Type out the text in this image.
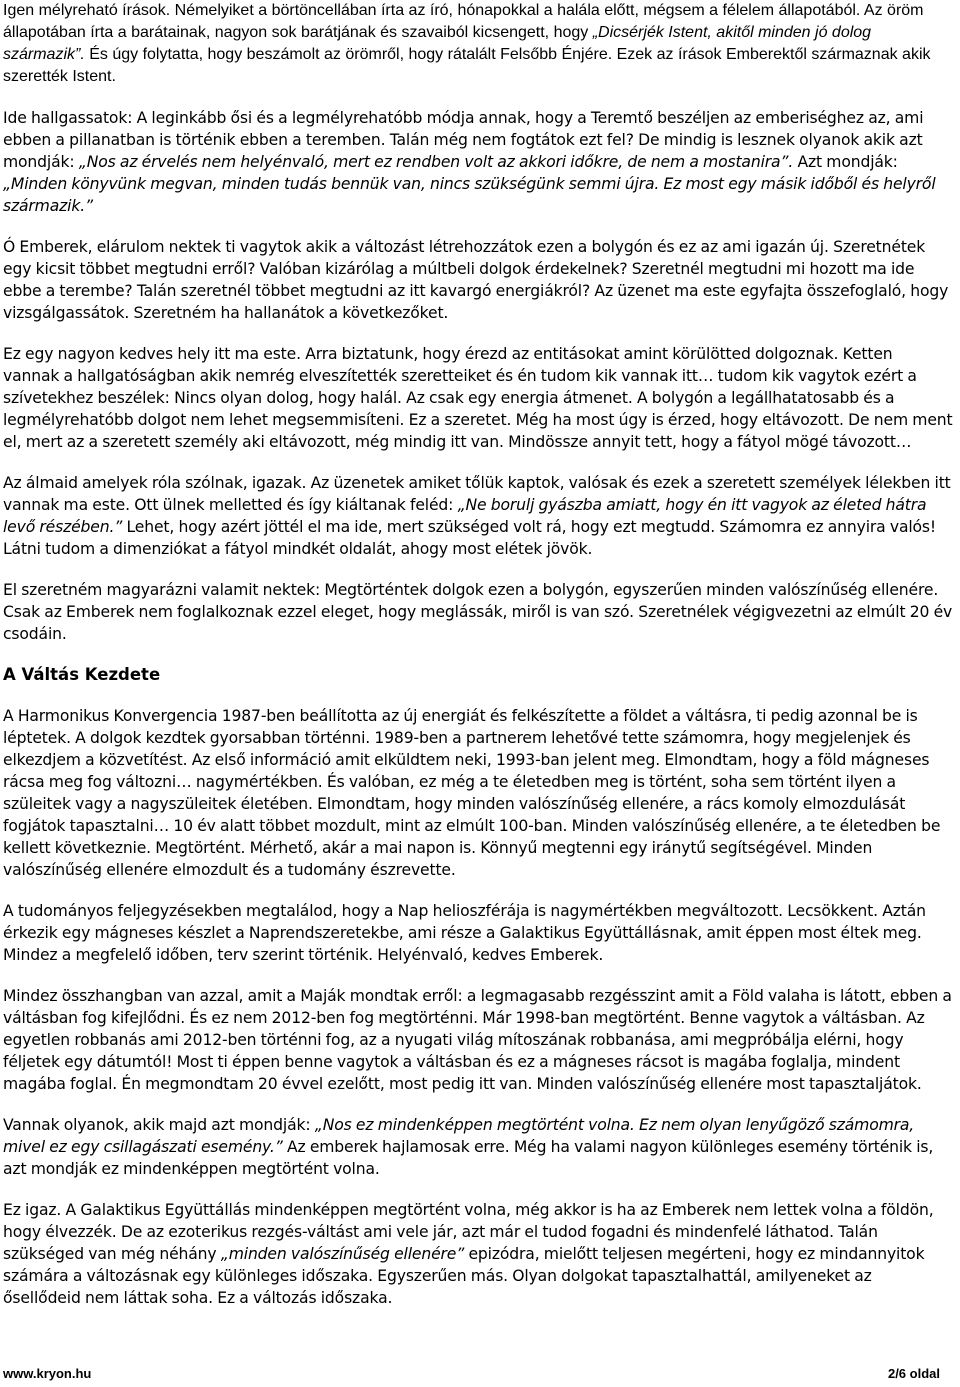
Igen mélyreható írások. Némelyiket a börtöncellában írta az író, hónapokkal a halála előtt, mégsem a félelem állapotából. Az öröm állapotában írta a barátainak, nagyon sok barátjának és szavaiból kicsengett, hogy „Dicsérjék Istent, akitől minden jó dolog származik”. És úgy folytatta, hogy beszámolt az örömről, hogy rátalált Felsőbb Énjére. Ezek az írások Emberektől származnak akik szerették Istent.

Ide hallgassatok: A leginkább ősi és a legmélyrehatóbb módja annak, hogy a Teremtő beszéljen az emberiséghez az, ami ebben a pillanatban is történik ebben a teremben. Talán még nem fogtátok ezt fel? De mindig is lesznek olyanok akik azt mondják: „Nos az érvelés nem helyénvaló, mert ez rendben volt az akkori időkre, de nem a mostanira”. Azt mondják: „Minden könyvünk megvan, minden tudás bennük van, nincs szükségünk semmi újra. Ez most egy másik időből és helyről származik.”

Ó Emberek, elárulom nektek ti vagytok akik a változást létrehozzátok ezen a bolygón és ez az ami igazán új. Szeretnétek egy kicsit többet megtudni erről? Valóban kizárólag a múltbeli dolgok érdekelnek? Szeretnél megtudni mi hozott ma ide ebbe a terembe? Talán szeretnél többet megtudni az itt kavargó energiákról? Az üzenet ma este egyfajta összefoglaló, hogy vizsgálgassátok. Szeretném ha hallanátok a következőket.

Ez egy nagyon kedves hely itt ma este. Arra biztatunk, hogy érezd az entitásokat amint körülötted dolgoznak. Ketten vannak a hallgatóságban akik nemrég elveszítették szeretteiket és én tudom kik vannak itt… tudom kik vagytok ezért a szívetekhez beszélek: Nincs olyan dolog, hogy halál. Az csak egy energia átmenet. A bolygón a legállhatatosabb és a legmélyrehatóbb dolgot nem lehet megsemmisíteni. Ez a szeretet. Még ha most úgy is érzed, hogy eltávozott. De nem ment el, mert az a szeretett személy aki eltávozott, még mindig itt van. Mindössze annyit tett, hogy a fátyol mögé távozott…

Az álmaid amelyek róla szólnak, igazak. Az üzenetek amiket tőlük kaptok, valósak és ezek a szeretett személyek lélekben itt vannak ma este. Ott ülnek melletted és így kiáltanak feléd: „Ne borulj gyászba amiatt, hogy én itt vagyok az életed hátra levő részében.” Lehet, hogy azért jöttél el ma ide, mert szükséged volt rá, hogy ezt megtudd. Számomra ez annyira valós! Látni tudom a dimenziókat a fátyol mindkét oldalát, ahogy most elétek jövök.

El szeretném magyarázni valamit nektek: Megtörténtek dolgok ezen a bolygón, egyszerűen minden valószínűség ellenére. Csak az Emberek nem foglalkoznak ezzel eleget, hogy meglássák, miről is van szó. Szeretnélek végigvezetni az elmúlt 20 év csodáin.

A Váltás Kezdete

A Harmonikus Konvergencia 1987-ben beállította az új energiát és felkészítette a földet a váltásra, ti pedig azonnal be is léptetek. A dolgok kezdtek gyorsabban történni. 1989-ben a partnerem lehetővé tette számomra, hogy megjelenjek és elkezdjem a közvetítést. Az első információ amit elküldtem neki, 1993-ban jelent meg. Elmondtam, hogy a föld mágneses rácsa meg fog változni… nagymértékben. És valóban, ez még a te életedben meg is történt, soha sem történt ilyen a szüleitek vagy a nagyszüleitek életében. Elmondtam, hogy minden valószínűség ellenére, a rács komoly elmozdulását fogjátok tapasztalni… 10 év alatt többet mozdult, mint az elmúlt 100-ban. Minden valószínűség ellenére, a te életedben be kellett következnie. Megtörtént. Mérhető, akár a mai napon is. Könnyű megtenni egy iránytű segítségével. Minden valószínűség ellenére elmozdult és a tudomány észrevette.

A tudományos feljegyzésekben megtalálod, hogy a Nap helioszférája is nagymértékben megváltozott. Lecsökkent. Aztán érkezik egy mágneses készlet a Naprendszeretekbe, ami része a Galaktikus Együttállásnak, amit éppen most éltek meg. Mindez a megfelelő időben, terv szerint történik. Helyénvaló, kedves Emberek.

Mindez összhangban van azzal, amit a Maják mondtak erről: a legmagasabb rezgésszint amit a Föld valaha is látott, ebben a váltásban fog kifejlődni. És ez nem 2012-ben fog megtörténni. Már 1998-ban megtörtént. Benne vagytok a váltásban. Az egyetlen robbanás ami 2012-ben történni fog, az a nyugati világ mítoszának robbanása, ami megpróbálja elérni, hogy féljetek egy dátumtól! Most ti éppen benne vagytok a váltásban és ez a mágneses rácsot is magába foglalja, mindent magába foglal. Én megmondtam 20 évvel ezelőtt, most pedig itt van. Minden valószínűség ellenére most tapasztaljátok.

Vannak olyanok, akik majd azt mondják: „Nos ez mindenképpen megtörtént volna. Ez nem olyan lenyűgöző számomra, mivel ez egy csillagászati esemény.” Az emberek hajlamosak erre. Még ha valami nagyon különleges esemény történik is, azt mondják ez mindenképpen megtörtént volna.

Ez igaz. A Galaktikus Együttállás mindenképpen megtörtént volna, még akkor is ha az Emberek nem lettek volna a földön, hogy élvezzék. De az ezoterikus rezgés-váltást ami vele jár, azt már el tudod fogadni és mindenfelé láthatod. Talán szükséged van még néhány „minden valószínűség ellenére” epizódra, mielőtt teljesen megérteni, hogy ez mindannyitok számára a változásnak egy különleges időszaka. Egyszerűen más. Olyan dolgokat tapasztalhattál, amilyeneket az ősellődeid nem láttak soha. Ez a változás időszaka.

www.kryon.hu	2/6 oldal
